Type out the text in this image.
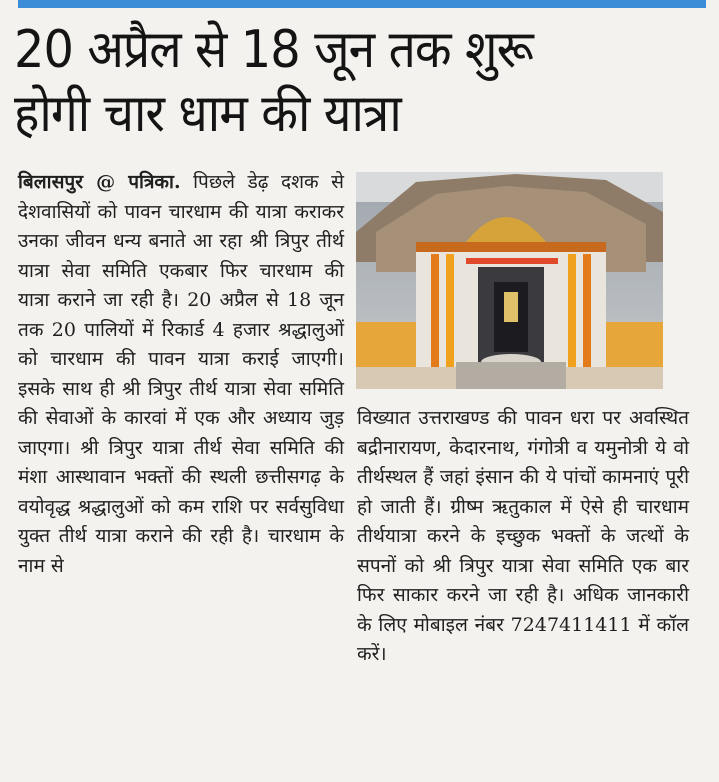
20 अप्रैल से 18 जून तक शुरू
होगी चार धाम की यात्रा

बिलासपुर @ पत्रिका. पिछले डेढ़ दशक से देशवासियों को पावन चारधाम की यात्रा कराकर उनका जीवन धन्य बनाते आ रहा श्री त्रिपुर तीर्थ यात्रा सेवा समिति एकबार फिर चारधाम की यात्रा कराने जा रही है। 20 अप्रैल से 18 जून तक 20 पालियों में रिकार्ड 4 हजार श्रद्धालुओं को चारधाम की पावन यात्रा कराई जाएगी। इसके साथ ही श्री त्रिपुर तीर्थ यात्रा सेवा समिति की सेवाओं के कारवां में एक और अध्याय जुड़ जाएगा। श्री त्रिपुर यात्रा तीर्थ सेवा समिति की मंशा आस्थावान भक्तों की स्थली छत्तीसगढ़ के वयोवृद्ध श्रद्धालुओं को कम राशि पर सर्वसुविधा युक्त तीर्थ यात्रा कराने की रही है। चारधाम के नाम से

विख्यात उत्तराखण्ड की पावन धरा पर अवस्थित बद्रीनारायण, केदारनाथ, गंगोत्री व यमुनोत्री ये वो तीर्थस्थल हैं जहां इंसान की ये पांचों कामनाएं पूरी हो जाती हैं। ग्रीष्म ऋतुकाल में ऐसे ही चारधाम तीर्थयात्रा करने के इच्छुक भक्तों के जत्थों के सपनों को श्री त्रिपुर यात्रा सेवा समिति एक बार फिर साकार करने जा रही है। अधिक जानकारी के लिए मोबाइल नंबर 7247411411 में कॉल करें।
